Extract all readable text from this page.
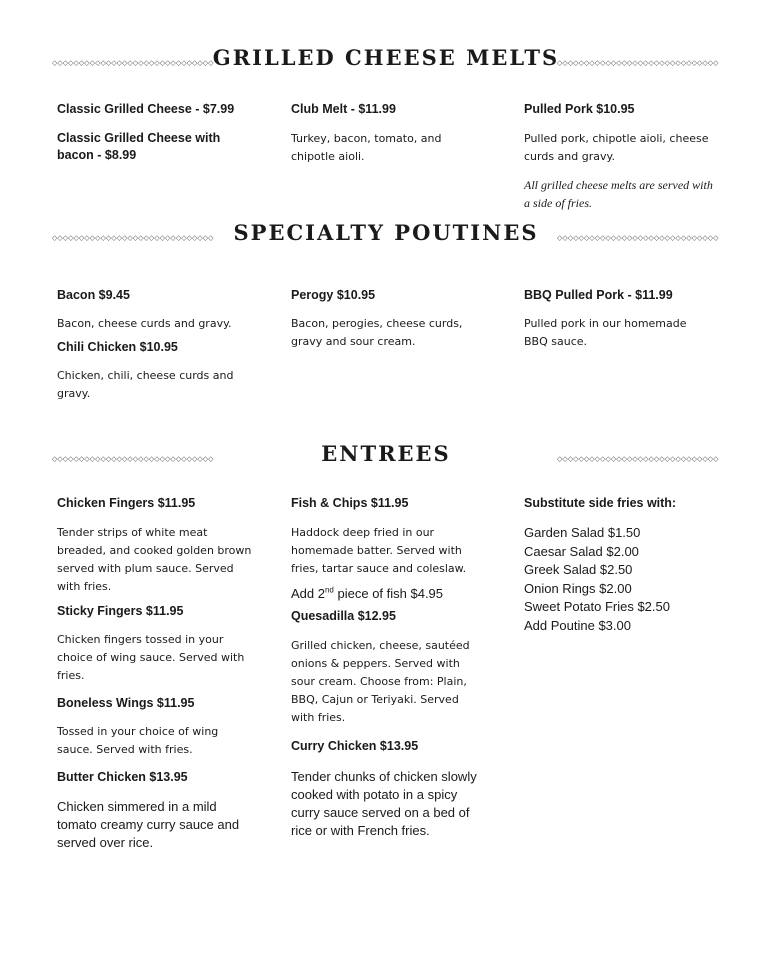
◇◇◇◇◇◇◇◇◇◇◇◇◇◇◇◇◇◇◇◇◇◇◇◇◇◇◇◇◇◇ GRILLED CHEESE MELTS
◇◇◇◇◇◇◇◇◇◇◇◇◇◇◇◇◇◇◇◇◇◇◇◇◇◇◇◇◇◇

Classic Grilled Cheese - $7.99

Classic Grilled Cheese with bacon - $8.99

Club Melt - $11.99

Turkey, bacon, tomato, and chipotle aioli.

Pulled Pork $10.95

Pulled pork, chipotle aioli, cheese curds and gravy.

All grilled cheese melts are served with a side of fries.

◇◇◇◇◇◇◇◇◇◇◇◇◇◇◇◇◇◇◇◇◇◇◇◇◇◇◇◇◇◇ SPECIALTY POUTINES	◇◇◇◇◇◇◇◇◇◇◇◇◇◇◇◇◇◇◇◇◇◇◇◇◇◇◇◇◇◇

Bacon $9.45

Bacon, cheese curds and gravy.

Chili Chicken $10.95

Chicken, chili, cheese curds and gravy.

Perogy $10.95

Bacon, perogies, cheese curds, gravy and sour cream.

BBQ Pulled Pork - $11.99

Pulled pork in our homemade BBQ sauce.

◇◇◇◇◇◇◇◇◇◇◇◇◇◇◇◇◇◇◇◇◇◇◇◇◇◇◇◇◇◇	ENTREES	◇◇◇◇◇◇◇◇◇◇◇◇◇◇◇◇◇◇◇◇◇◇◇◇◇◇◇◇◇◇

Chicken Fingers $11.95

Tender strips of white meat breaded, and cooked golden brown served with plum sauce. Served with fries.

Sticky Fingers $11.95

Chicken fingers tossed in your choice of wing sauce. Served with fries.

Boneless Wings $11.95

Tossed in your choice of wing sauce. Served with fries.

Butter Chicken $13.95

Chicken simmered in a mild tomato creamy curry sauce and served over rice.

Fish & Chips $11.95

Haddock deep fried in our homemade batter. Served with fries, tartar sauce and coleslaw.

Add 2nd piece of fish $4.95

Quesadilla $12.95

Grilled chicken, cheese, sautéed onions & peppers. Served with sour cream. Choose from: Plain, BBQ, Cajun or Teriyaki. Served with fries.

Curry Chicken $13.95

Tender chunks of chicken slowly cooked with potato in a spicy curry sauce served on a bed of rice or with French fries.

Substitute side fries with:

Garden Salad $1.50
Caesar Salad $2.00
Greek Salad $2.50
Onion Rings $2.00
Sweet Potato Fries $2.50
Add Poutine $3.00
